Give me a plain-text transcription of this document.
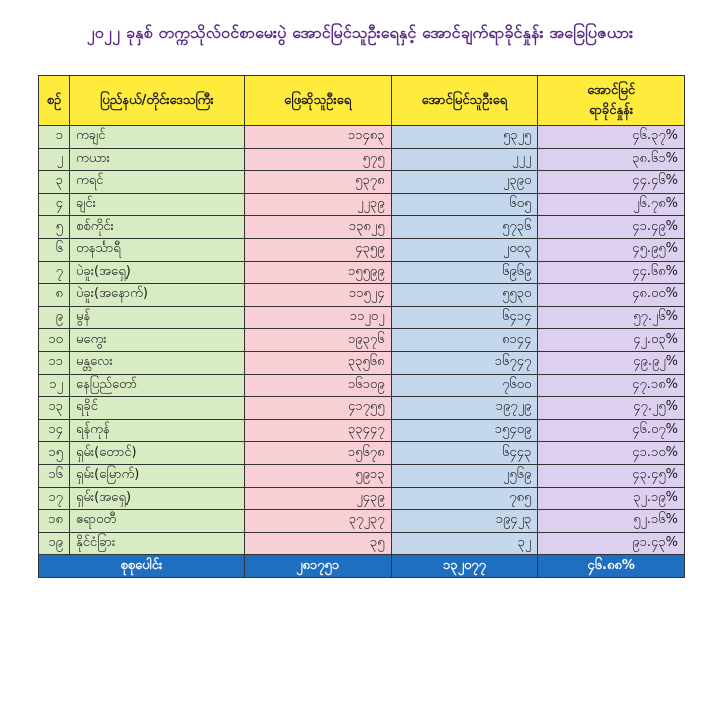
၂၀၂၂ ခုနှစ် တက္ကသိုလ်ဝင်စာမေးပွဲ အောင်မြင်သူဦးရေနှင့် အောင်ချက်ရာခိုင်နှုန်း အခြေပြဇယား
စဉ်	ပြည်နယ်/တိုင်းဒေသကြီး	ဖြေဆိုသူဦးရေ	အောင်မြင်သူဦးရေ	အောင်မြင်
ရာခိုင်နှုန်း

၁	ကချင်	၁၁၄၈၃	၅၃၂၅	၄၆.၃၇%
၂	ကယား	၅၇၅	၂၂၂	၃၈.၆၁%
၃	ကရင်	၅၃၇၈	၂၃၉၀	၄၄.၄၆%
၄	ချင်း	၂၂၃၉	၆၀၅	၂၆.၇၈%
၅	စစ်ကိုင်း	၁၃၈၂၅	၅၇၃၆	၄၁.၄၉%
၆	တနင်္သာရီ	၄၃၅၉	၂၀၀၃	၄၅.၉၅%
၇	ပဲခူး(အရှေ့)	၁၅၅၉၉	၆၉၆၉	၄၄.၆၈%
၈	ပဲခူး(အနောက်)	၁၁၅၂၄	၅၅၃၀	၄၈.၀၀%
၉	မွန်	၁၁၂၀၂	၆၄၁၄	၅၇.၂၆%
၁၀	မကွေး	၁၉၃၇၆	၈၁၄၄	၄၂.၀၃%
၁၁	မန္တလေး	၃၃၅၆၈	၁၆၇၄၇	၄၉.၉၂%
၁၂	နေပြည်တော်	၁၆၁၀၉	၇၆၀၀	၄၇.၁၈%
၁၃	ရခိုင်	၄၁၇၅၅	၁၉၇၂၉	၄၇.၂၅%
၁၄	ရန်ကုန်	၃၃၄၄၇	၁၅၄၀၉	၄၆.၀၇%
၁၅	ရှမ်း(တောင်)	၁၅၆၇၈	၆၄၄၃	၄၁.၁၀%
၁၆	ရှမ်း(မြောက်)	၅၉၁၃	၂၅၆၉	၄၃.၄၅%
၁၇	ရှမ်း(အရှေ့)	၂၄၃၉	၇၈၅	၃၂.၁၉%
၁၈	ဧရာဝတီ	၃၇၂၃၇	၁၉၄၂၃	၅၂.၁၆%
၁၉	နိုင်ငံခြား	၃၅	၃၂	၉၁.၄၃%
စုစုပေါင်း		၂၈၁၇၅၁	၁၃၂၀၇၇	၄၆.၈၈%
